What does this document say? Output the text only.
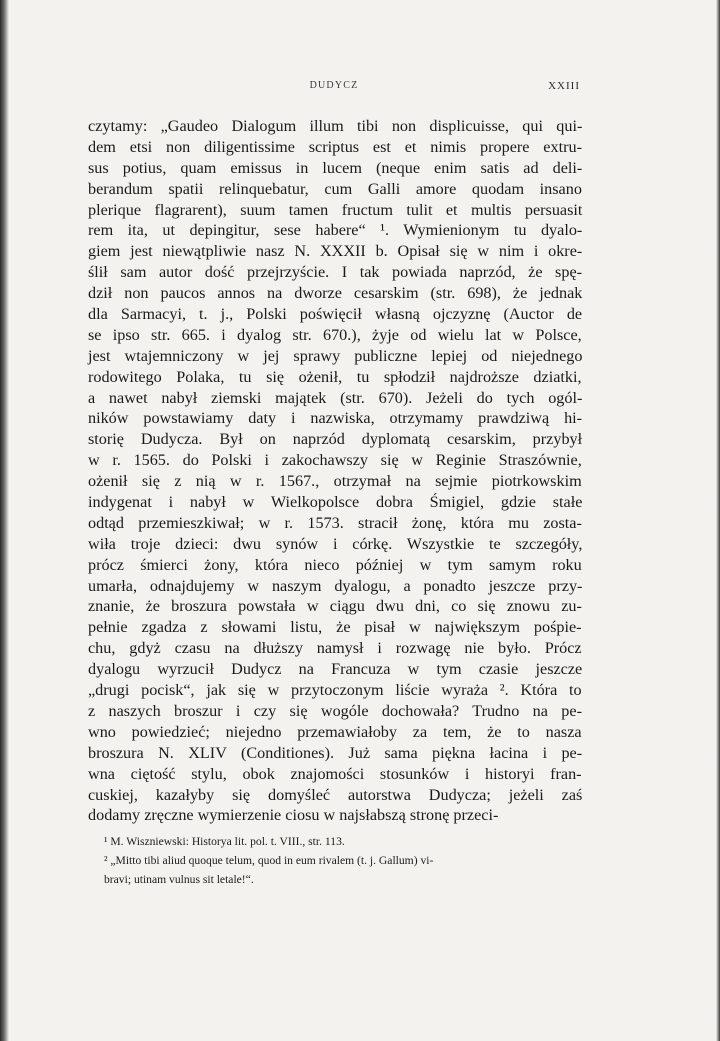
DUDYCZ	XXIII
czytamy: „Gaudeo Dialogum illum tibi non displicuisse, qui qui-
dem etsi non diligentissime scriptus est et nimis propere extru-
sus potius, quam emissus in lucem (neque enim satis ad deli-
berandum spatii relinquebatur, cum Galli amore quodam insano
plerique flagrarent), suum tamen fructum tulit et multis persuasit
rem ita, ut depingitur, sese habere“ ¹. Wymienionym tu dyalo-
giem jest niewątpliwie nasz N. XXXII b. Opisał się w nim i okre-
ślił sam autor dość przejrzyście. I tak powiada naprzód, że spę-
dził non paucos annos na dworze cesarskim (str. 698), że jednak
dla Sarmacyi, t. j., Polski poświęcił własną ojczyznę (Auctor de
se ipso str. 665. i dyalog str. 670.), żyje od wielu lat w Polsce,
jest wtajemniczony w jej sprawy publiczne lepiej od niejednego
rodowitego Polaka, tu się ożenił, tu spłodził najdroższe dziatki,
a nawet nabył ziemski majątek (str. 670). Jeżeli do tych ogól-
ników powstawiamy daty i nazwiska, otrzymamy prawdziwą hi-
storię Dudycza. Był on naprzód dyplomatą cesarskim, przybył
w r. 1565. do Polski i zakochawszy się w Reginie Straszównie,
ożenił się z nią w r. 1567., otrzymał na sejmie piotrkowskim
indygenat i nabył w Wielkopolsce dobra Śmigiel, gdzie stałe
odtąd przemieszkiwał; w r. 1573. stracił żonę, która mu zosta-
wiła troje dzieci: dwu synów i córkę. Wszystkie te szczegóły,
prócz śmierci żony, która nieco później w tym samym roku
umarła, odnajdujemy w naszym dyalogu, a ponadto jeszcze przy-
znanie, że broszura powstała w ciągu dwu dni, co się znowu zu-
pełnie zgadza z słowami listu, że pisał w największym pośpie-
chu, gdyż czasu na dłuższy namysł i rozwagę nie było. Prócz
dyalogu wyrzucił Dudycz na Francuza w tym czasie jeszcze
„drugi pocisk“, jak się w przytoczonym liście wyraża ². Która to
z naszych broszur i czy się wogóle dochowała? Trudno na pe-
wno powiedzieć; niejedno przemawiałoby za tem, że to nasza
broszura N. XLIV (Conditiones). Już sama piękna łacina i pe-
wna ciętość stylu, obok znajomości stosunków i historyi fran-
cuskiej, kazałyby się domyśleć autorstwa Dudycza; jeżeli zaś
dodamy zręczne wymierzenie ciosu w najsłabszą stronę przeci-
¹ M. Wiszniewski: Historya lit. pol. t. VIII., str. 113.
² „Mitto tibi aliud quoque telum, quod in eum rivalem (t. j. Gallum) vi-
bravi; utinam vulnus sit letale!“.
